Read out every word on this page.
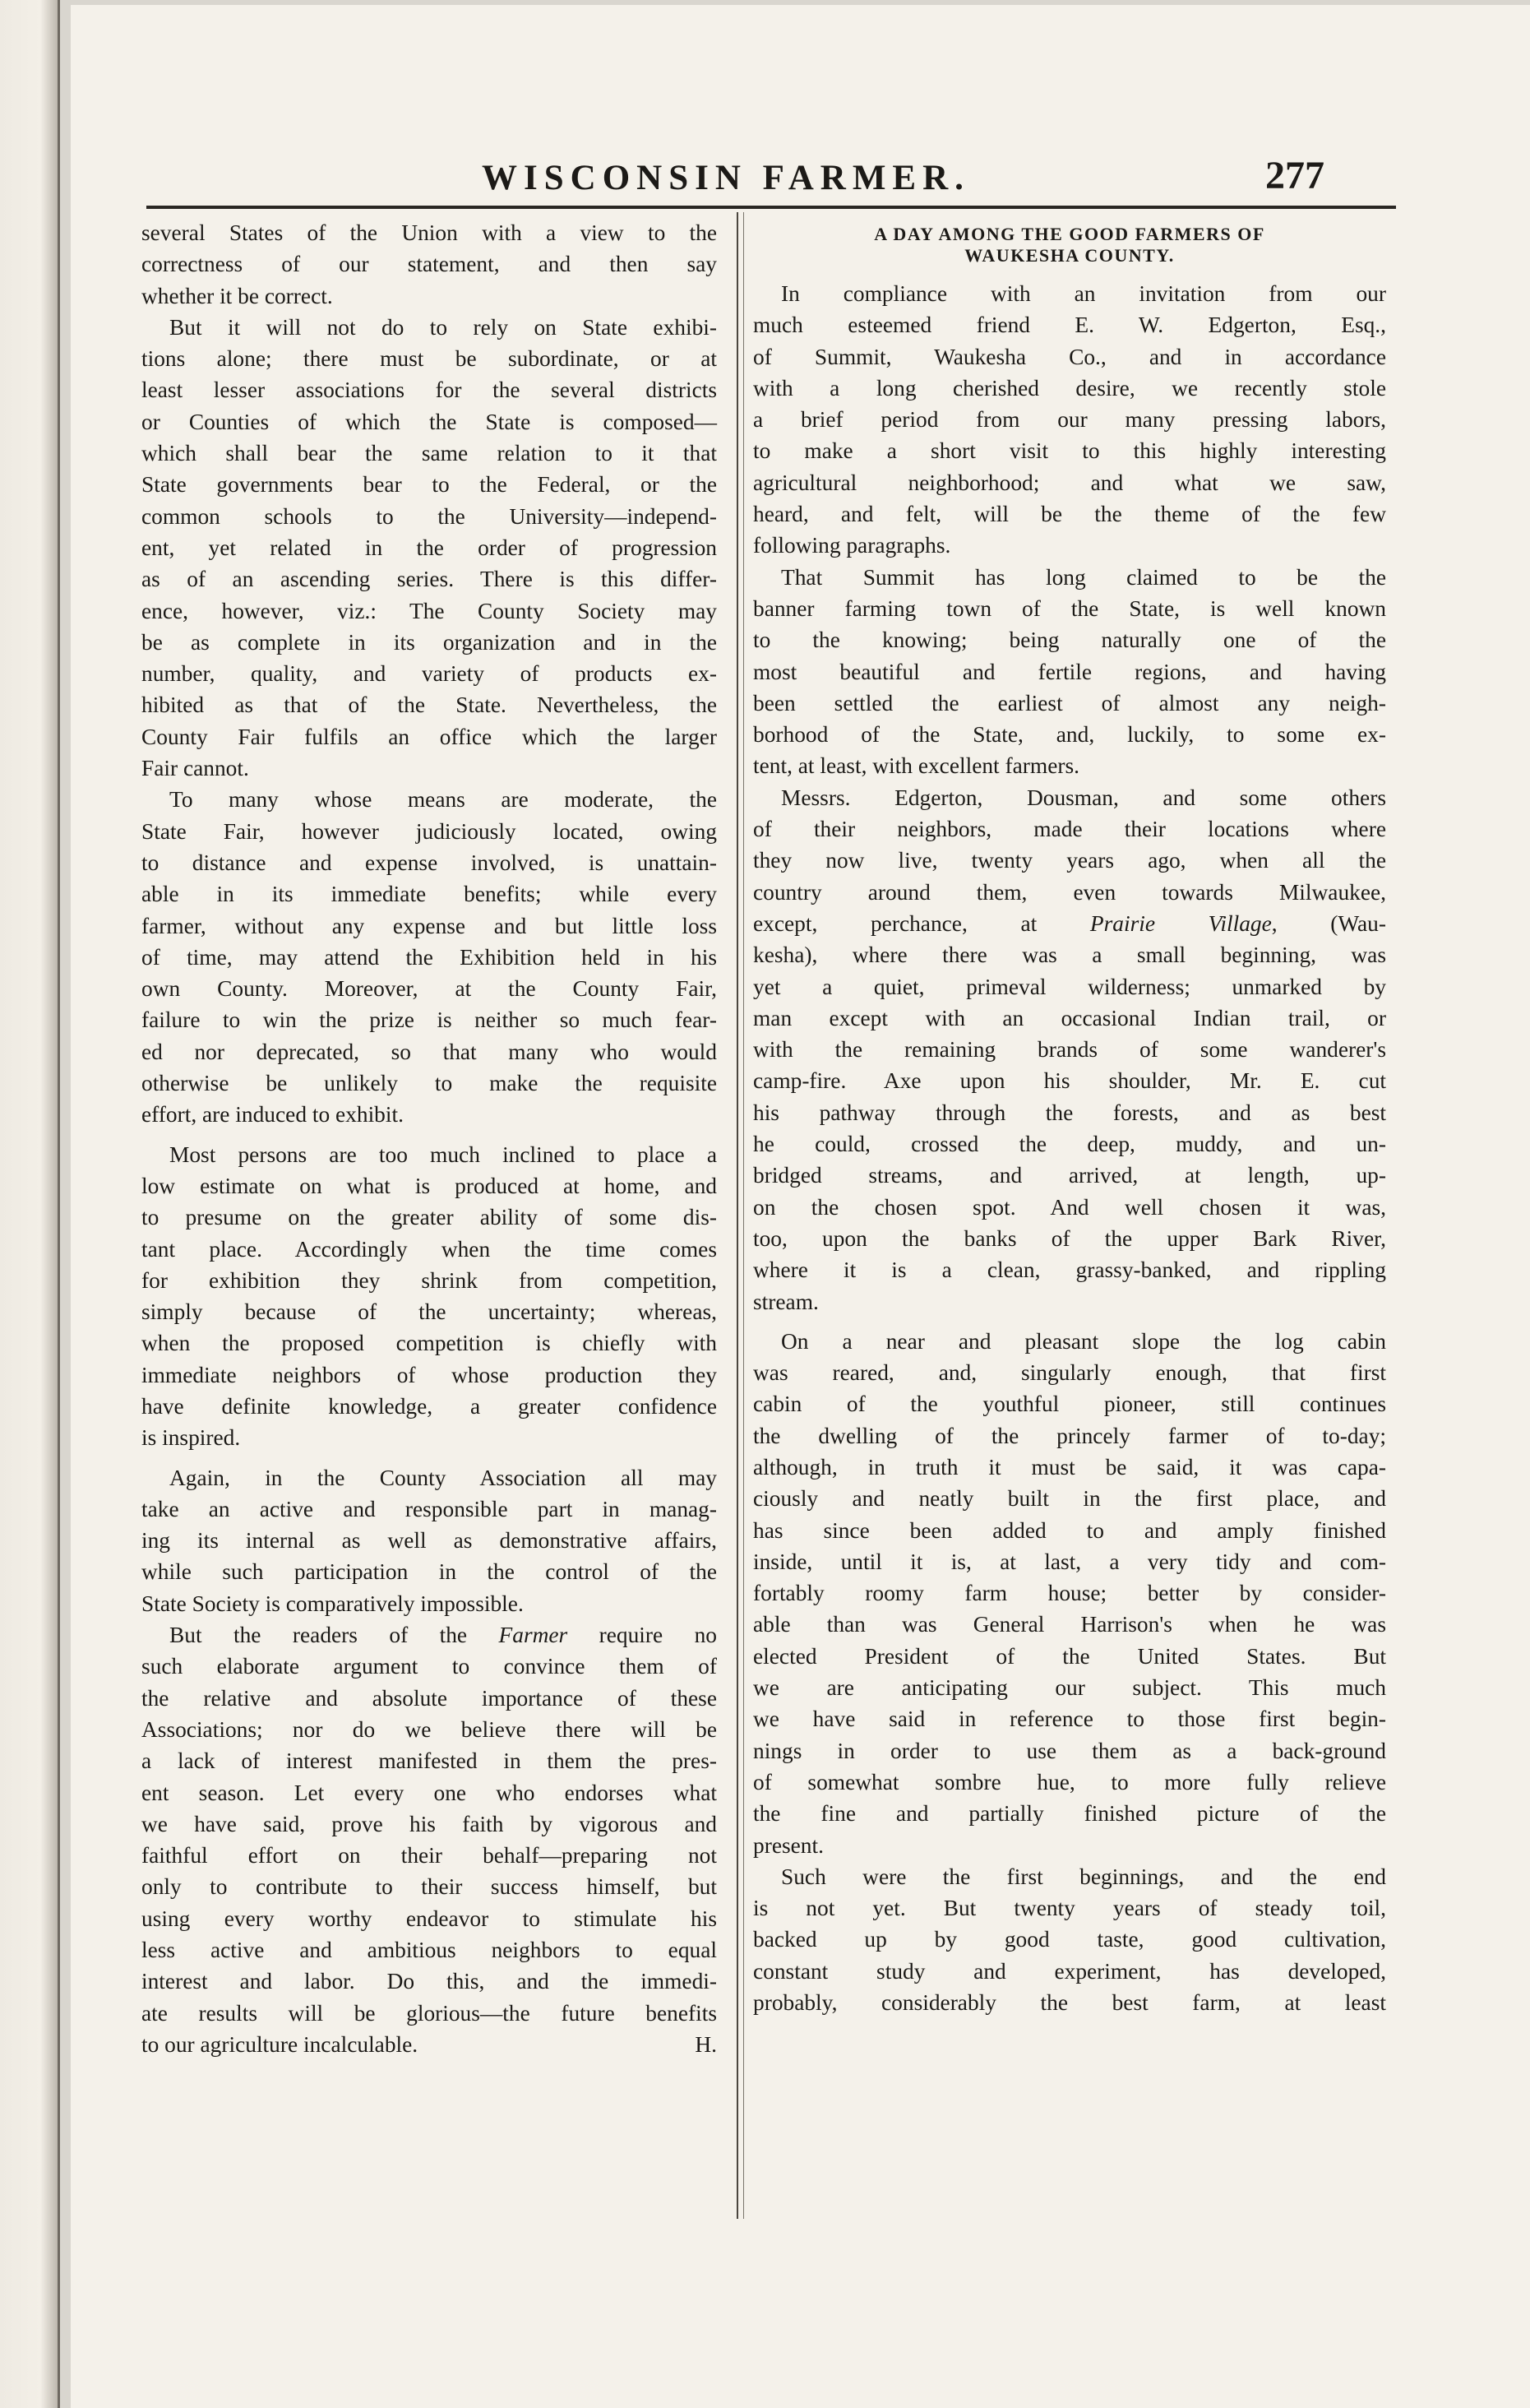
WISCONSIN FARMER.	277
several States of the Union with a view to the
correctness of our statement, and then say
whether it be correct.
But it will not do to rely on State exhibi-
tions alone; there must be subordinate, or at
least lesser associations for the several districts
or Counties of which the State is composed—
which shall bear the same relation to it that
State governments bear to the Federal, or the
common schools to the University—independ-
ent, yet related in the order of progression
as of an ascending series. There is this differ-
ence, however, viz.: The County Society may
be as complete in its organization and in the
number, quality, and variety of products ex-
hibited as that of the State. Nevertheless, the
County Fair fulfils an office which the larger
Fair cannot.
To many whose means are moderate, the
State Fair, however judiciously located, owing
to distance and expense involved, is unattain-
able in its immediate benefits; while every
farmer, without any expense and but little loss
of time, may attend the Exhibition held in his
own County. Moreover, at the County Fair,
failure to win the prize is neither so much fear-
ed nor deprecated, so that many who would
otherwise be unlikely to make the requisite
effort, are induced to exhibit.
Most persons are too much inclined to place a
low estimate on what is produced at home, and
to presume on the greater ability of some dis-
tant place. Accordingly when the time comes
for exhibition they shrink from competition,
simply because of the uncertainty; whereas,
when the proposed competition is chiefly with
immediate neighbors of whose production they
have definite knowledge, a greater confidence
is inspired.
Again, in the County Association all may
take an active and responsible part in manag-
ing its internal as well as demonstrative affairs,
while such participation in the control of the
State Society is comparatively impossible.
But the readers of the Farmer require no
such elaborate argument to convince them of
the relative and absolute importance of these
Associations; nor do we believe there will be
a lack of interest manifested in them the pres-
ent season. Let every one who endorses what
we have said, prove his faith by vigorous and
faithful effort on their behalf—preparing not
only to contribute to their success himself, but
using every worthy endeavor to stimulate his
less active and ambitious neighbors to equal
interest and labor. Do this, and the immedi-
ate results will be glorious—the future benefits
to our agriculture incalculable.	H.
A DAY AMONG THE GOOD FARMERS OF
WAUKESHA COUNTY.
In compliance with an invitation from our
much esteemed friend E. W. Edgerton, Esq.,
of Summit, Waukesha Co., and in accordance
with a long cherished desire, we recently stole
a brief period from our many pressing labors,
to make a short visit to this highly interesting
agricultural neighborhood; and what we saw,
heard, and felt, will be the theme of the few
following paragraphs.
That Summit has long claimed to be the
banner farming town of the State, is well known
to the knowing; being naturally one of the
most beautiful and fertile regions, and having
been settled the earliest of almost any neigh-
borhood of the State, and, luckily, to some ex-
tent, at least, with excellent farmers.
Messrs. Edgerton, Dousman, and some others
of their neighbors, made their locations where
they now live, twenty years ago, when all the
country around them, even towards Milwaukee,
except, perchance, at Prairie Village, (Wau-
kesha), where there was a small beginning, was
yet a quiet, primeval wilderness; unmarked by
man except with an occasional Indian trail, or
with the remaining brands of some wanderer's
camp-fire. Axe upon his shoulder, Mr. E. cut
his pathway through the forests, and as best
he could, crossed the deep, muddy, and un-
bridged streams, and arrived, at length, up-
on the chosen spot. And well chosen it was,
too, upon the banks of the upper Bark River,
where it is a clean, grassy-banked, and rippling
stream.
On a near and pleasant slope the log cabin
was reared, and, singularly enough, that first
cabin of the youthful pioneer, still continues
the dwelling of the princely farmer of to-day;
although, in truth it must be said, it was capa-
ciously and neatly built in the first place, and
has since been added to and amply finished
inside, until it is, at last, a very tidy and com-
fortably roomy farm house; better by consider-
able than was General Harrison's when he was
elected President of the United States. But
we are anticipating our subject. This much
we have said in reference to those first begin-
nings in order to use them as a back-ground
of somewhat sombre hue, to more fully relieve
the fine and partially finished picture of the
present.
Such were the first beginnings, and the end
is not yet. But twenty years of steady toil,
backed up by good taste, good cultivation,
constant study and experiment, has developed,
probably, considerably the best farm, at least
